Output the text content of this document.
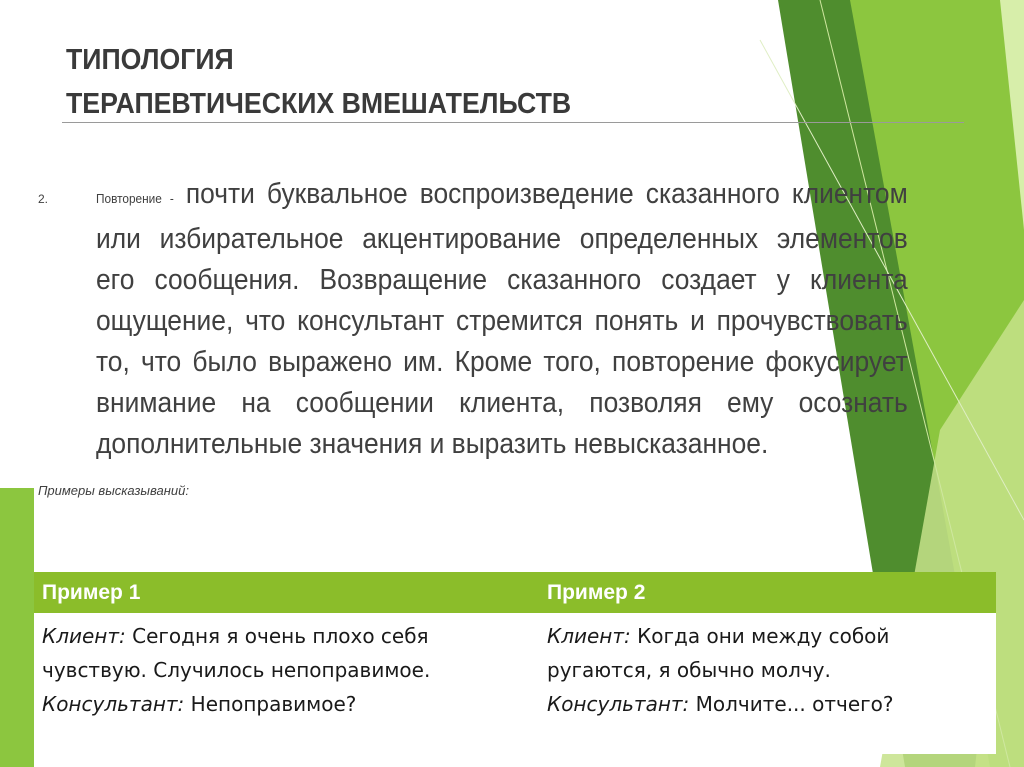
ТИПОЛОГИЯ
ТЕРАПЕВТИЧЕСКИХ ВМЕШАТЕЛЬСТВ
2.	Повторение - почти буквальное воспроизведение сказанного клиентом или избирательное акцентирование определенных элементов его сообщения. Возвращение сказанного создает у клиента ощущение, что консультант стремится понять и прочувствовать то, что было выражено им. Кроме того, повторение фокусирует внимание на сообщении клиента, позволяя ему осознать дополнительные значения и выразить невысказанное.
Примеры высказываний:
Пример 1	Пример 2
Клиент: Сегодня я очень плохо себя чувствую. Случилось непоправимое.
Консультант: Непоправимое?
Клиент: Когда они между собой ругаются, я обычно молчу.
Консультант: Молчите... отчего?
